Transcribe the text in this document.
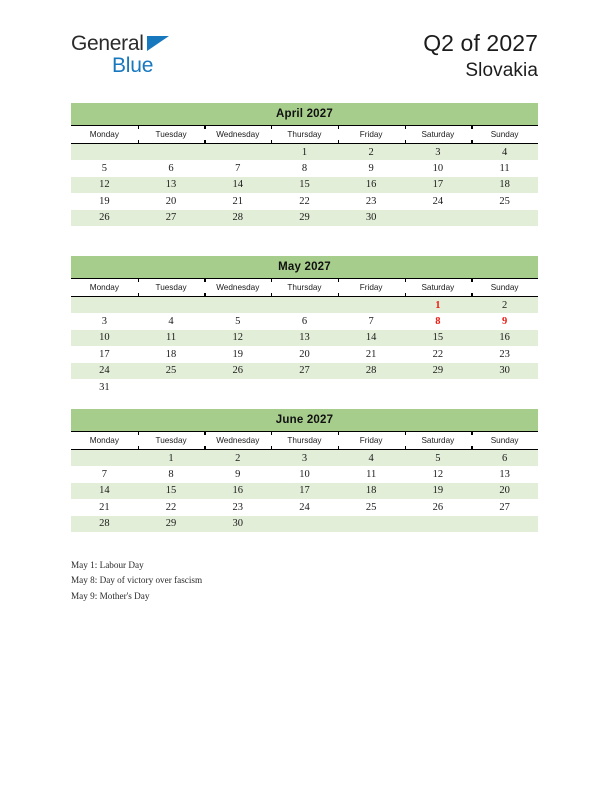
General
Blue
Q2 of 2027
Slovakia
April 2027
Monday	Tuesday	Wednesday	Thursday	Friday	Saturday	Sunday
			1	2	3	4
5	6	7	8	9	10	11
12	13	14	15	16	17	18
19	20	21	22	23	24	25
26	27	28	29	30		
May 2027
Monday	Tuesday	Wednesday	Thursday	Friday	Saturday	Sunday
					1	2
3	4	5	6	7	8	9
10	11	12	13	14	15	16
17	18	19	20	21	22	23
24	25	26	27	28	29	30
31						
June 2027
Monday	Tuesday	Wednesday	Thursday	Friday	Saturday	Sunday
	1	2	3	4	5	6
7	8	9	10	11	12	13
14	15	16	17	18	19	20
21	22	23	24	25	26	27
28	29	30				
May 1: Labour Day
May 8: Day of victory over fascism
May 9: Mother's Day
